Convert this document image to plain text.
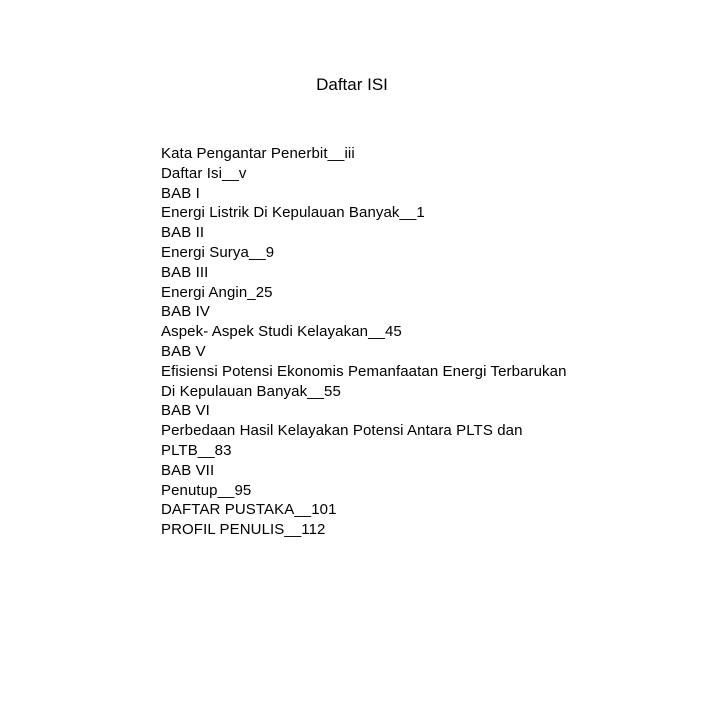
Daftar ISI
Kata Pengantar Penerbit__iii
Daftar Isi__v
BAB I
Energi Listrik Di Kepulauan Banyak__1
BAB II
Energi Surya__9
BAB III
Energi Angin_25
BAB IV
Aspek- Aspek Studi Kelayakan__45
BAB V
Efisiensi Potensi Ekonomis Pemanfaatan Energi Terbarukan
Di Kepulauan Banyak__55
BAB VI
Perbedaan Hasil Kelayakan Potensi Antara PLTS dan
PLTB__83
BAB VII
Penutup__95
DAFTAR PUSTAKA__101
PROFIL PENULIS__112
